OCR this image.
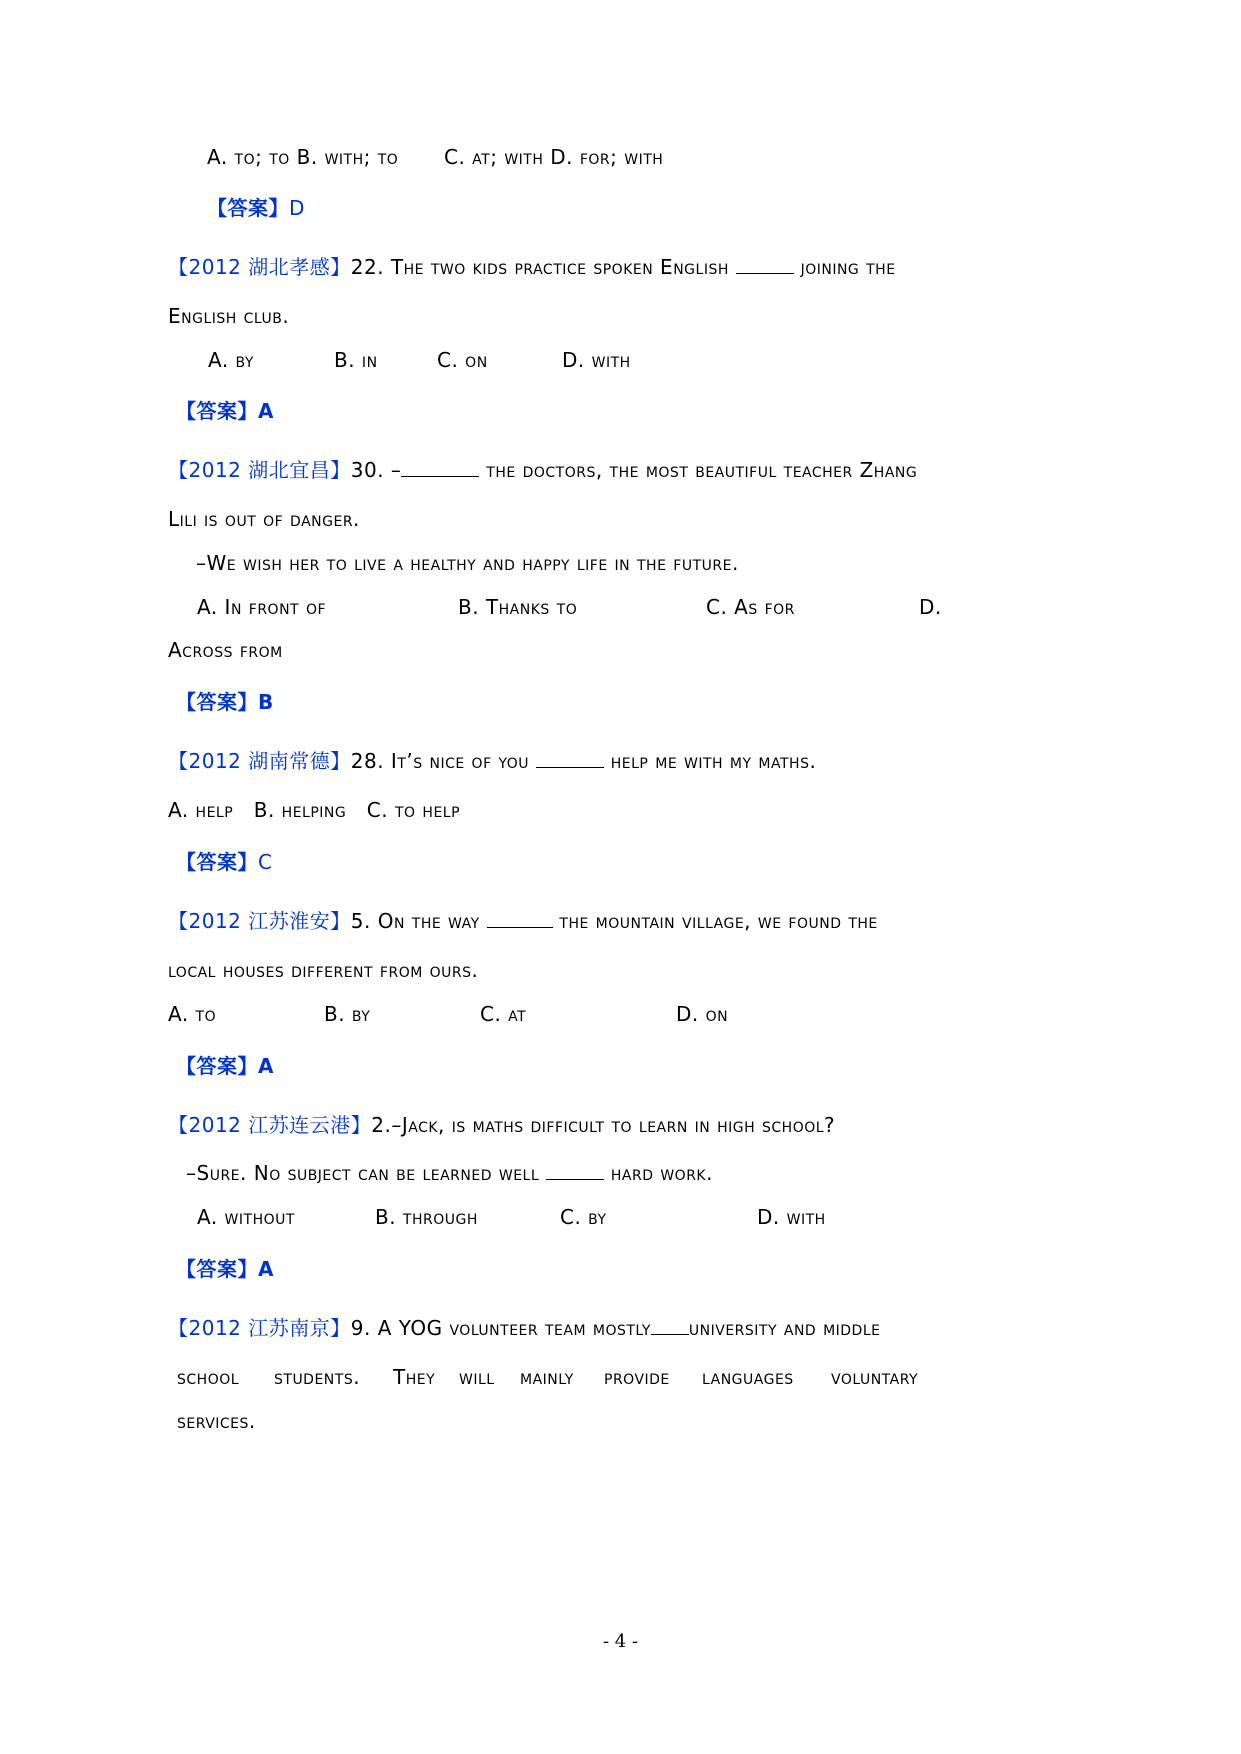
A. to; to B. with; to C. at; with D. for; with
【答案】D
【2012 湖北孝感】22. The two kids practice spoken English	joining the
English club.
A. by	B. in	C. on	D. with
【答案】A
【2012 湖北宜昌】30. –	the doctors, the most beautiful teacher Zhang
Lili is out of danger.
–We wish her to live a healthy and happy life in the future.
A. In front of	B. Thanks to	C. As for	D.
Across from
【答案】B
【2012 湖南常德】28. It’s nice of you	help me with my maths.
A. help   B. helping   C. to help
【答案】C
【2012 江苏淮安】5. On the way	the mountain village, we found the
local houses different from ours.
A. to	B. by	C. at	D. on
【答案】A
【2012 江苏连云港】2.–Jack, is maths difficult to learn in high school?
–Sure. No subject can be learned well	hard work.
A. without	B. through	C. by	D. with
【答案】A
【2012 江苏南京】9. A YOG volunteer team mostly university and middle
school students. They will mainly provide languages voluntary
services.
- 4 -
